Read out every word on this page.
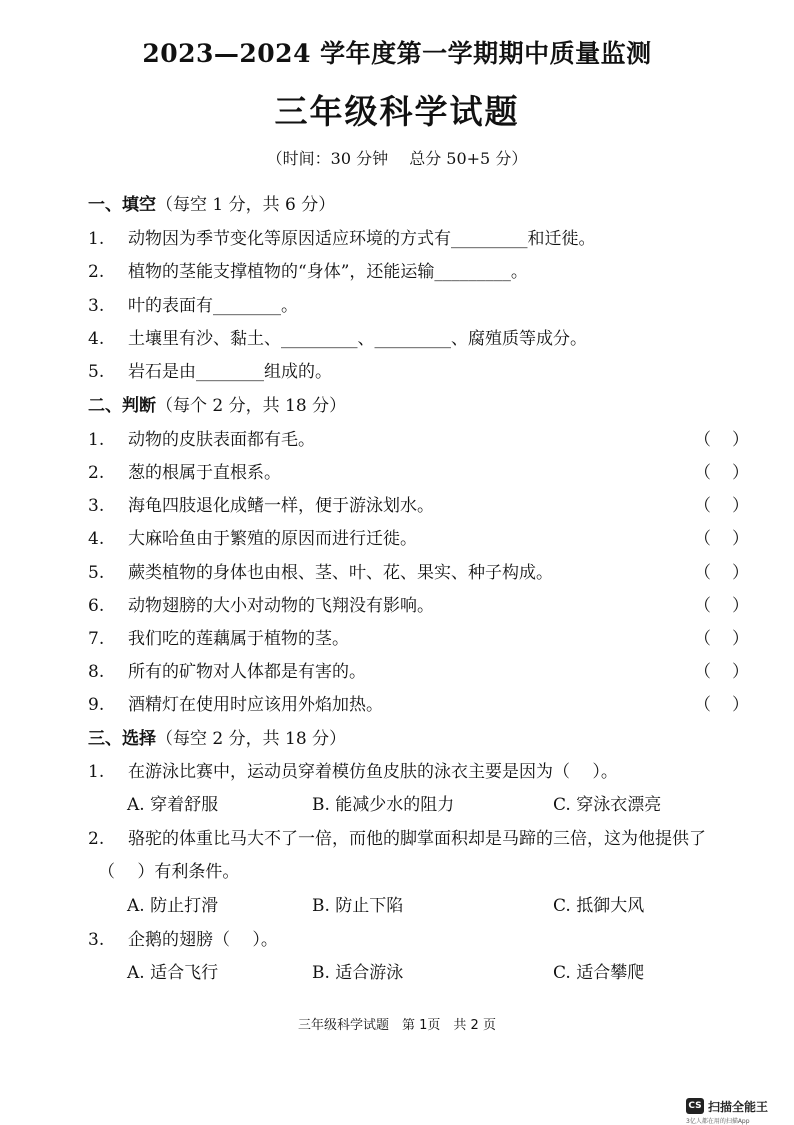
2023—2024 学年度第一学期期中质量监测
三年级科学试题
（时间：30 分钟　 总分 50+5 分）
一、填空（每空 1 分，共 6 分）
1. 动物因为季节变化等原因适应环境的方式有_________和迁徙。
2. 植物的茎能支撑植物的“身体”，还能运输_________。
3. 叶的表面有________。
4. 土壤里有沙、黏土、_________、_________、腐殖质等成分。
5. 岩石是由________组成的。
二、判断（每个 2 分，共 18 分）
1. 动物的皮肤表面都有毛。	（ ）
2. 葱的根属于直根系。	（ ）
3. 海龟四肢退化成鳍一样，便于游泳划水。	（ ）
4. 大麻哈鱼由于繁殖的原因而进行迁徙。	（ ）
5. 蕨类植物的身体也由根、茎、叶、花、果实、种子构成。	（ ）
6. 动物翅膀的大小对动物的飞翔没有影响。	（ ）
7. 我们吃的莲藕属于植物的茎。	（ ）
8. 所有的矿物对人体都是有害的。	（ ）
9. 酒精灯在使用时应该用外焰加热。	（ ）
三、选择（每空 2 分，共 18 分）
1. 在游泳比赛中，运动员穿着模仿鱼皮肤的泳衣主要是因为（　 ）。
A. 穿着舒服	B. 能减少水的阻力	C. 穿泳衣漂亮
2. 骆驼的体重比马大不了一倍，而他的脚掌面积却是马蹄的三倍，这为他提供了
（　 ）有利条件。
A. 防止打滑	B. 防止下陷	C. 抵御大风
3. 企鹅的翅膀（　 ）。
A. 适合飞行	B. 适合游泳	C. 适合攀爬
三年级科学试题　第 1页　共 2 页
CS 扫描全能王
3亿人都在用的扫描App
